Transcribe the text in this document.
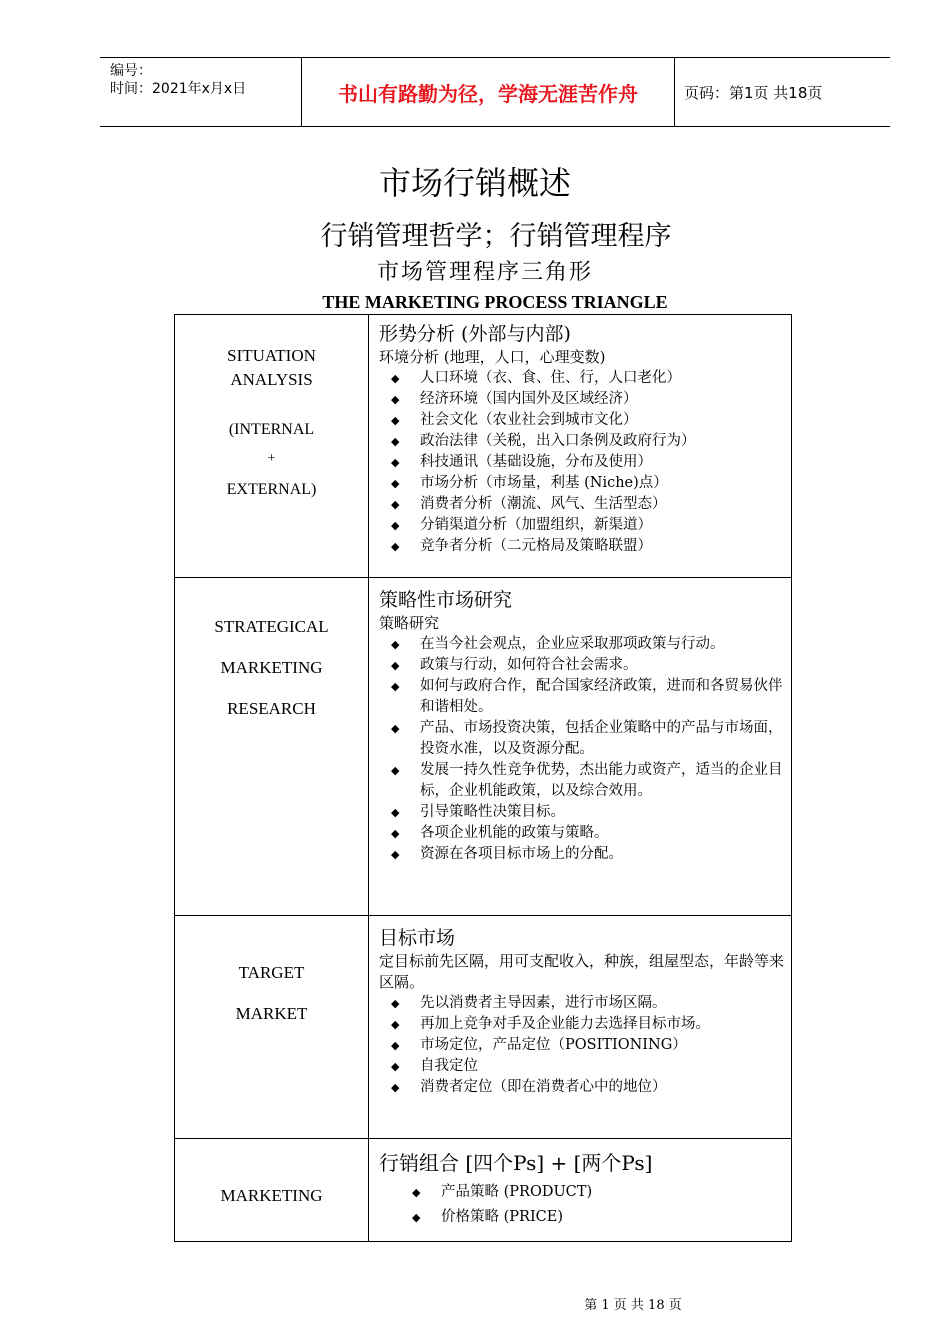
编号：
时间：2021年x月x日	书山有路勤为径，学海无涯苦作舟	页码：第1页 共18页
市场行销概述
行销管理哲学；行销管理程序
市场管理程序三角形
THE MARKETING PROCESS TRIANGLE
SITUATION
ANALYSIS
(INTERNAL
+
EXTERNAL)
形势分析 (外部与内部)
环境分析 (地理，人口，心理变数)
◆ 人口环境（衣、食、住、行，人口老化）
◆ 经济环境（国内国外及区域经济）
◆ 社会文化（农业社会到城市文化）
◆ 政治法律（关税，出入口条例及政府行为）
◆ 科技通讯（基础设施，分布及使用）
◆ 市场分析（市场量，利基 (Niche)点）
◆ 消费者分析（潮流、风气、生活型态）
◆ 分销渠道分析（加盟组织，新渠道）
◆ 竞争者分析（二元格局及策略联盟）
STRATEGICAL
MARKETING
RESEARCH
策略性市场研究
策略研究
◆ 在当今社会观点，企业应采取那项政策与行动。
◆ 政策与行动，如何符合社会需求。
◆ 如何与政府合作，配合国家经济政策，进而和各贸易伙伴和谐相处。
◆ 产品、市场投资决策，包括企业策略中的产品与市场面，投资水准，以及资源分配。
◆ 发展一持久性竞争优势，杰出能力或资产，适当的企业目标，企业机能政策，以及综合效用。
◆ 引导策略性决策目标。
◆ 各项企业机能的政策与策略。
◆ 资源在各项目标市场上的分配。
TARGET
MARKET
目标市场
定目标前先区隔，用可支配收入，种族，组屋型态，年龄等来区隔。
◆ 先以消费者主导因素，进行市场区隔。
◆ 再加上竞争对手及企业能力去选择目标市场。
◆ 市场定位，产品定位（POSITIONING）
◆ 自我定位
◆ 消费者定位（即在消费者心中的地位）
MARKETING
行销组合 [四个Ps] + [两个Ps]
◆ 产品策略 (PRODUCT)
◆ 价格策略 (PRICE)
第 1 页 共 18 页
